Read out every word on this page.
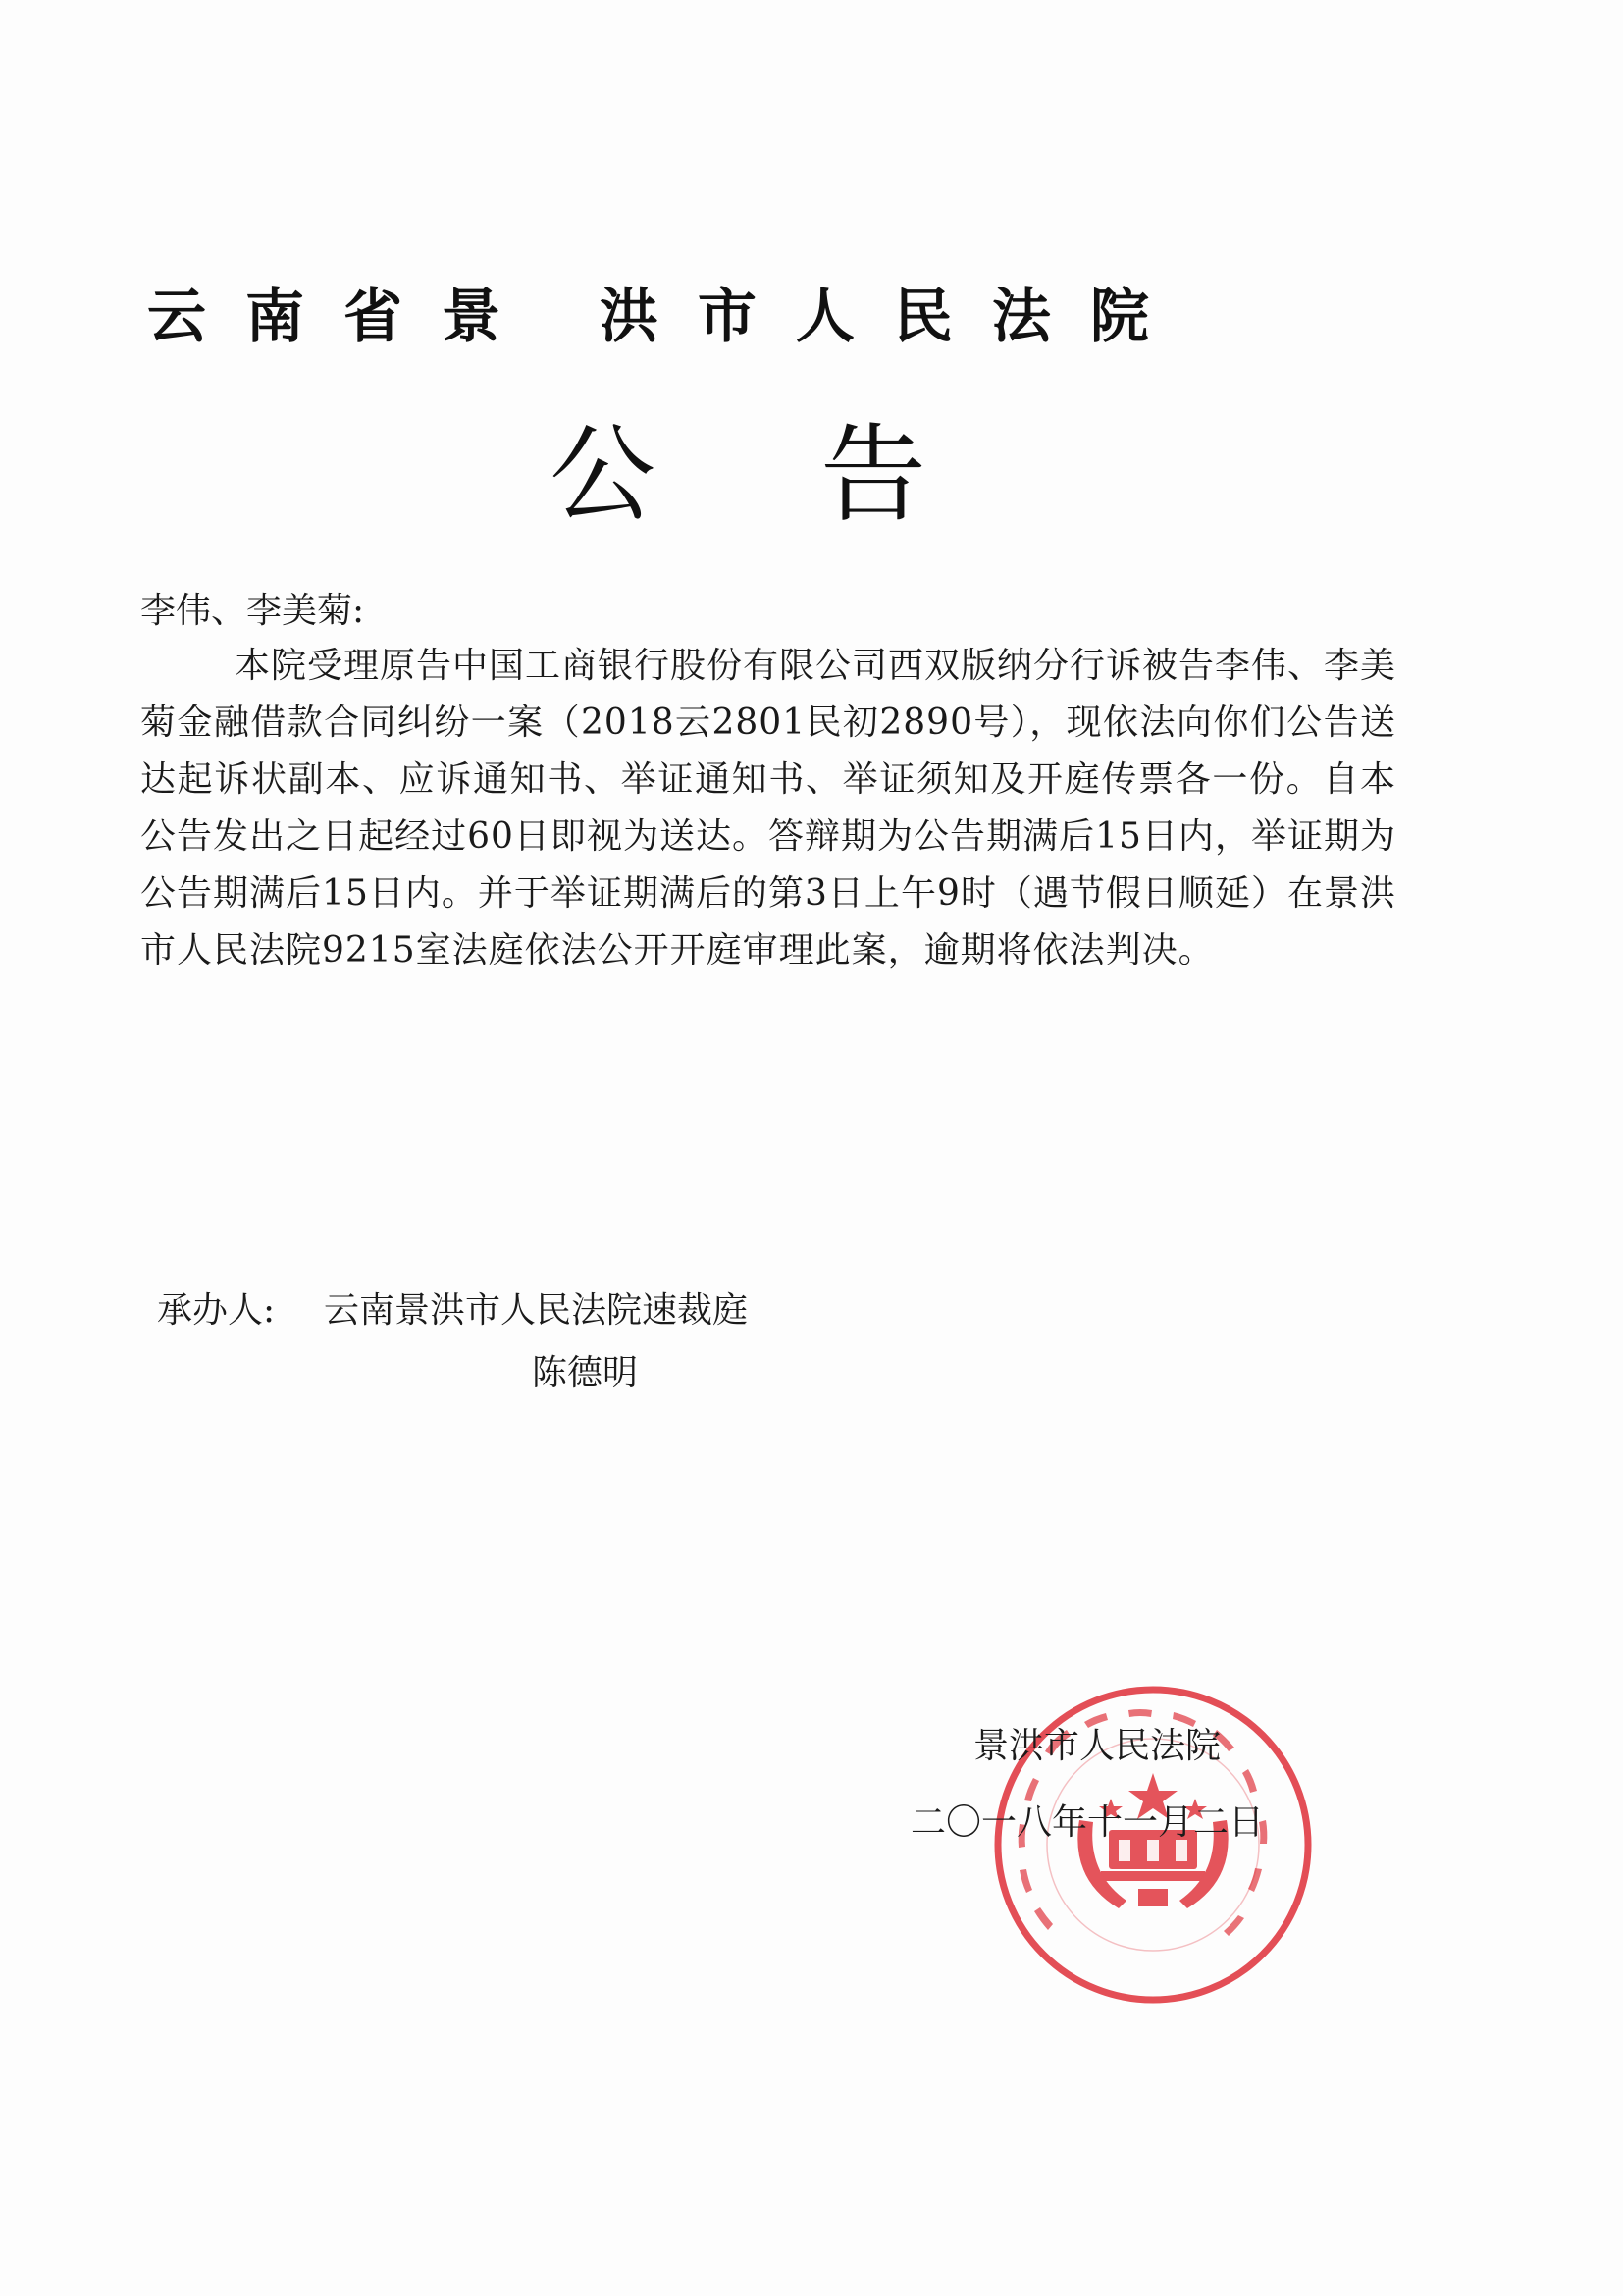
云南省景 洪市人民法院
公告

李伟、李美菊:

本院受理原告中国工商银行股份有限公司西双版纳分行诉被告李伟、李美菊金融借款合同纠纷一案（2018云2801民初2890号），现依法向你们公告送达起诉状副本、应诉通知书、举证通知书、举证须知及开庭传票各一份。自本公告发出之日起经过60日即视为送达。答辩期为公告期满后15日内，举证期为公告期满后15日内。并于举证期满后的第3日上午9时（遇节假日顺延）在景洪市人民法院9215室法庭依法公开开庭审理此案，逾期将依法判决。

承办人: 云南景洪市人民法院速裁庭
陈德明
景洪市人民法院
二〇一八年十一月二日
